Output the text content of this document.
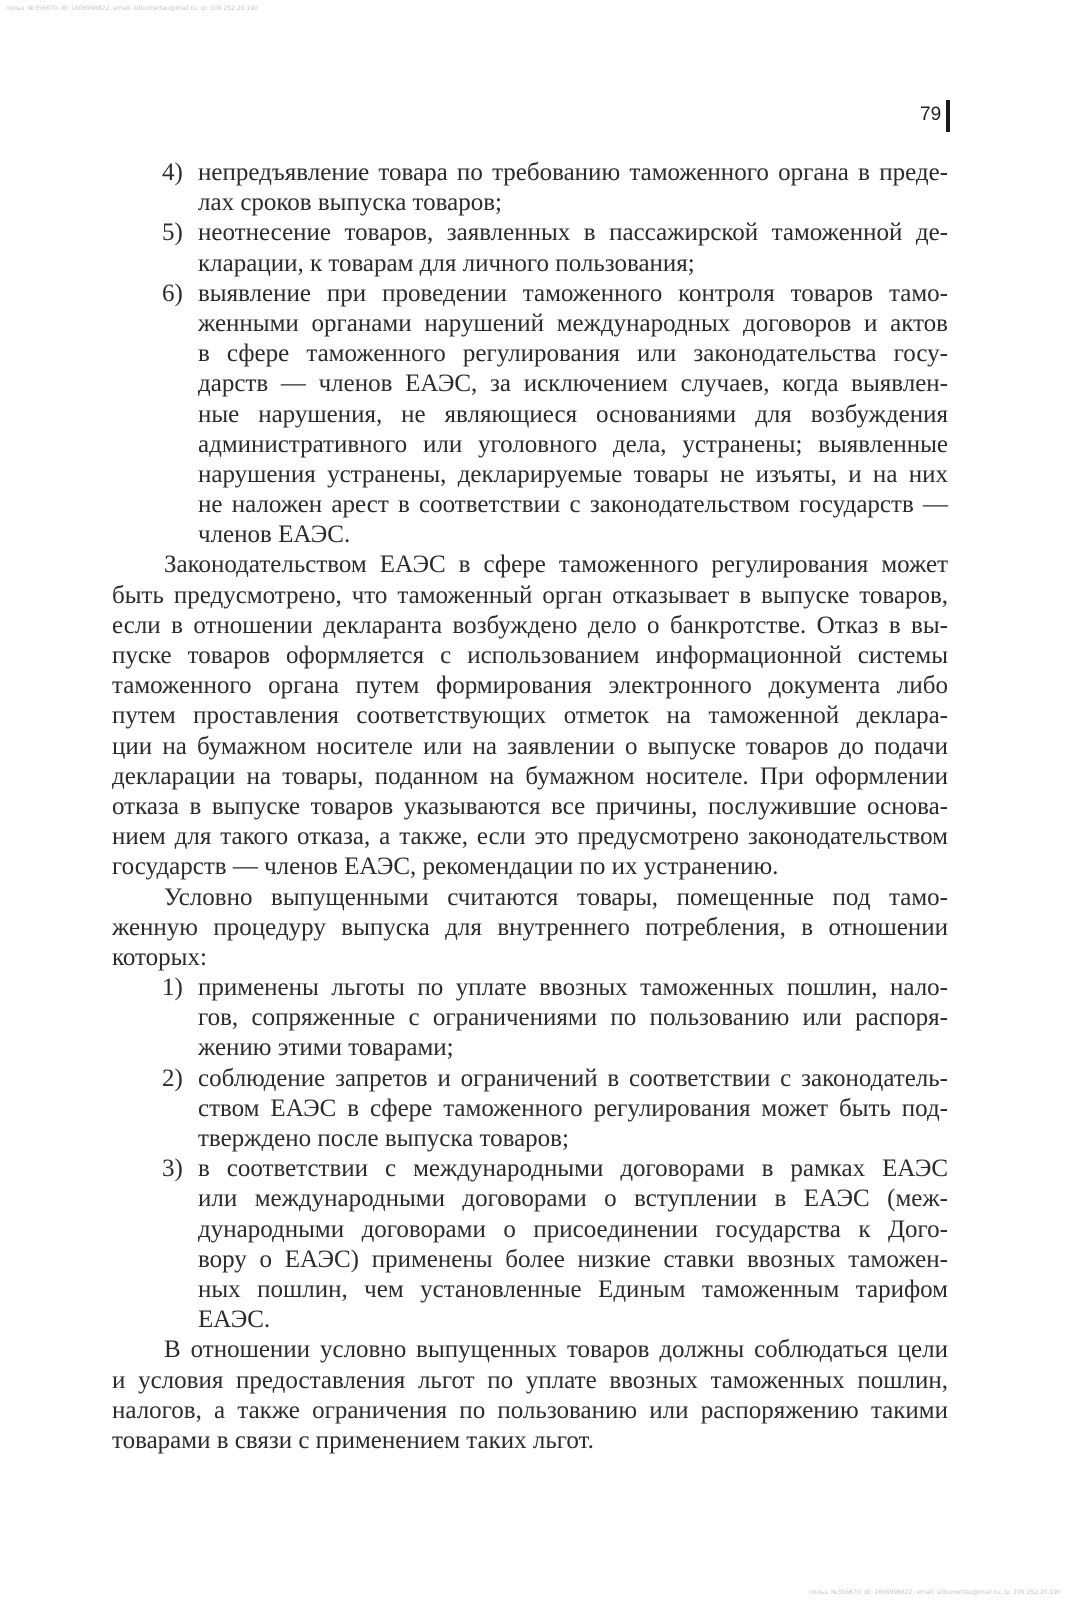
польз. №356670; dt: 1606998822; email: sitkumertau@mail.ru; ip: 109.252.20.190
польз. №356670; dt: 1606998822; email: sitkumertau@mail.ru; ip: 109.252.20.190
79
4) непредъявление товара по требованию таможенного органа в преде-
лах сроков выпуска товаров;
5) неотнесение товаров, заявленных в пассажирской таможенной де-
кларации, к товарам для личного пользования;
6) выявление при проведении таможенного контроля товаров тамо-
женными органами нарушений международных договоров и актов
в сфере таможенного регулирования или законодательства госу-
дарств — членов ЕАЭС, за исключением случаев, когда выявлен-
ные нарушения, не являющиеся основаниями для возбуждения
административного или уголовного дела, устранены; выявленные
нарушения устранены, декларируемые товары не изъяты, и на них
не наложен арест в соответствии с законодательством государств —
членов ЕАЭС.
Законодательством ЕАЭС в сфере таможенного регулирования может
быть предусмотрено, что таможенный орган отказывает в выпуске товаров,
если в отношении декларанта возбуждено дело о банкротстве. Отказ в вы-
пуске товаров оформляется с использованием информационной системы
таможенного органа путем формирования электронного документа либо
путем проставления соответствующих отметок на таможенной деклара-
ции на бумажном носителе или на заявлении о выпуске товаров до подачи
декларации на товары, поданном на бумажном носителе. При оформлении
отказа в выпуске товаров указываются все причины, послужившие основа-
нием для такого отказа, а также, если это предусмотрено законодательством
государств — членов ЕАЭС, рекомендации по их устранению.
Условно выпущенными считаются товары, помещенные под тамо-
женную процедуру выпуска для внутреннего потребления, в отношении
которых:
1) применены льготы по уплате ввозных таможенных пошлин, нало-
гов, сопряженные с ограничениями по пользованию или распоря-
жению этими товарами;
2) соблюдение запретов и ограничений в соответствии с законодатель-
ством ЕАЭС в сфере таможенного регулирования может быть под-
тверждено после выпуска товаров;
3) в соответствии с международными договорами в рамках ЕАЭС
или международными договорами о вступлении в ЕАЭС (меж-
дународными договорами о присоединении государства к Дого-
вору о ЕАЭС) применены более низкие ставки ввозных таможен-
ных пошлин, чем установленные Единым таможенным тарифом
ЕАЭС.
В отношении условно выпущенных товаров должны соблюдаться цели
и условия предоставления льгот по уплате ввозных таможенных пошлин,
налогов, а также ограничения по пользованию или распоряжению такими
товарами в связи с применением таких льгот.
